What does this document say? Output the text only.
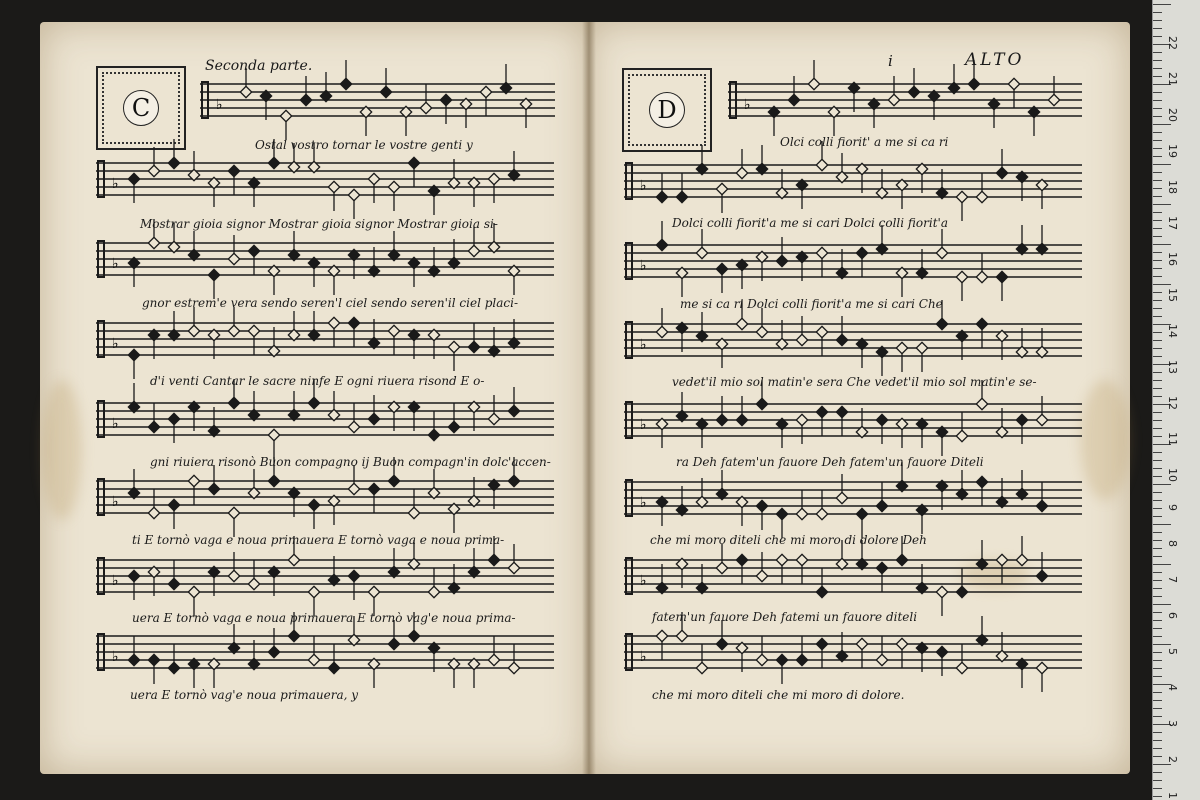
C
Seconda parte.
D
i	ALTO
Ostal vostro tornar le vostre genti y
Mostrar gioia signor Mostrar gioia signor Mostrar gioia si-
gnor estrem'e vera sendo seren'l ciel sendo seren'il ciel placi-
d'i venti Cantar le sacre ninfe E ogni riuera risond E o-
gni riuiera risonò Buon compagno ij Buon compagn'in dolc'accen-
ti E tornò vaga e noua primauera E tornò vaga e noua prima-
uera E tornò vaga e noua primauera E tornò vag'e noua prima-
uera E tornò vag'e noua primauera, y
Olci colli fiorit' a me si ca ri
Dolci colli fiorit'a me si cari Dolci colli fiorit'a
me si ca ri Dolci colli fiorit'a me si cari Che
vedet'il mio sol matin'e sera Che vedet'il mio sol matin'e se-
ra Deh fatem'un fauore Deh fatem'un fauore Diteli
che mi moro diteli che mi moro di dolore Deh
fatem'un fauore Deh fatemi un fauore diteli
che mi moro diteli che mi moro di dolore.
22
21
20
19
18
17
16
15
14
13
12
11
10
9
8
7
6
5
4
3
2
1
♭
♭
♭
♭
♭
♭
♭
♭
♭
♭
♭
♭
♭
♭
♭
♭
